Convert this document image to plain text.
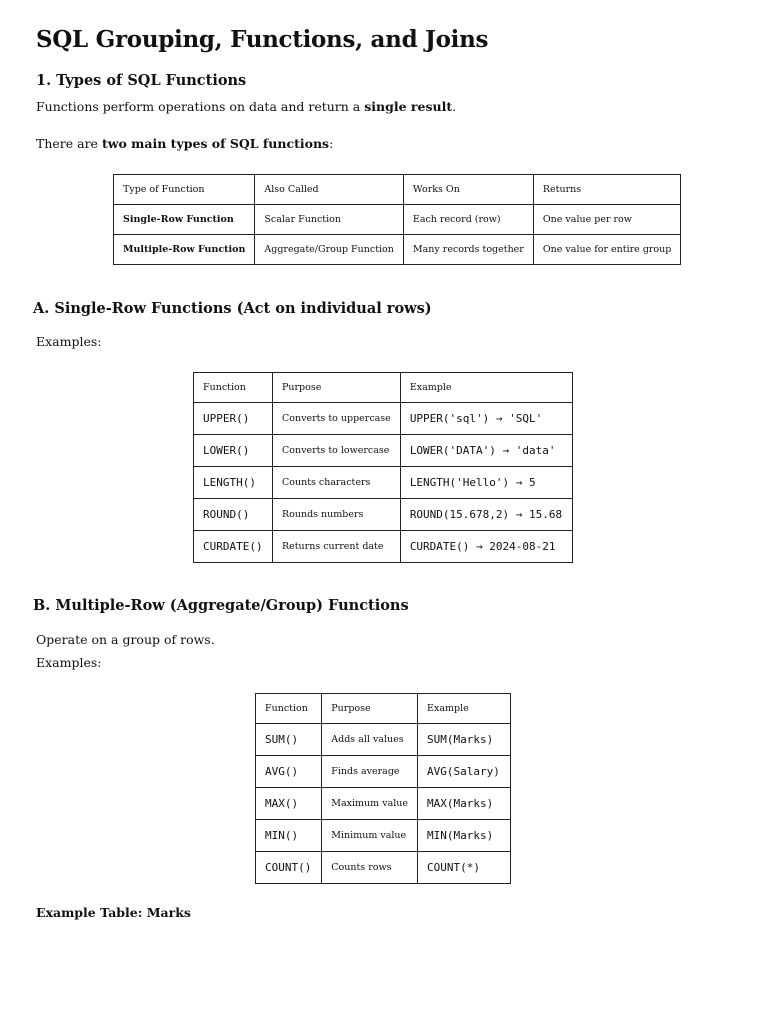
SQL Grouping, Functions, and Joins
1. Types of SQL Functions

Functions perform operations on data and return a single result.

There are two main types of SQL functions:

Type of Function	Also Called	Works On	Returns
Single-Row Function	Scalar Function	Each record (row)	One value per row
Multiple-Row Function	Aggregate/Group Function	Many records together	One value for entire group
A. Single-Row Functions (Act on individual rows)

Examples:

Function	Purpose	Example
UPPER()	Converts to uppercase	UPPER('sql') → 'SQL'
LOWER()	Converts to lowercase	LOWER('DATA') → 'data'
LENGTH()	Counts characters	LENGTH('Hello') → 5
ROUND()	Rounds numbers	ROUND(15.678,2) → 15.68
CURDATE()	Returns current date	CURDATE() → 2024-08-21
B. Multiple-Row (Aggregate/Group) Functions

Operate on a group of rows.

Examples:

Function	Purpose	Example
SUM()	Adds all values	SUM(Marks)
AVG()	Finds average	AVG(Salary)
MAX()	Maximum value	MAX(Marks)
MIN()	Minimum value	MIN(Marks)
COUNT()	Counts rows	COUNT(*)

Example Table: Marks
